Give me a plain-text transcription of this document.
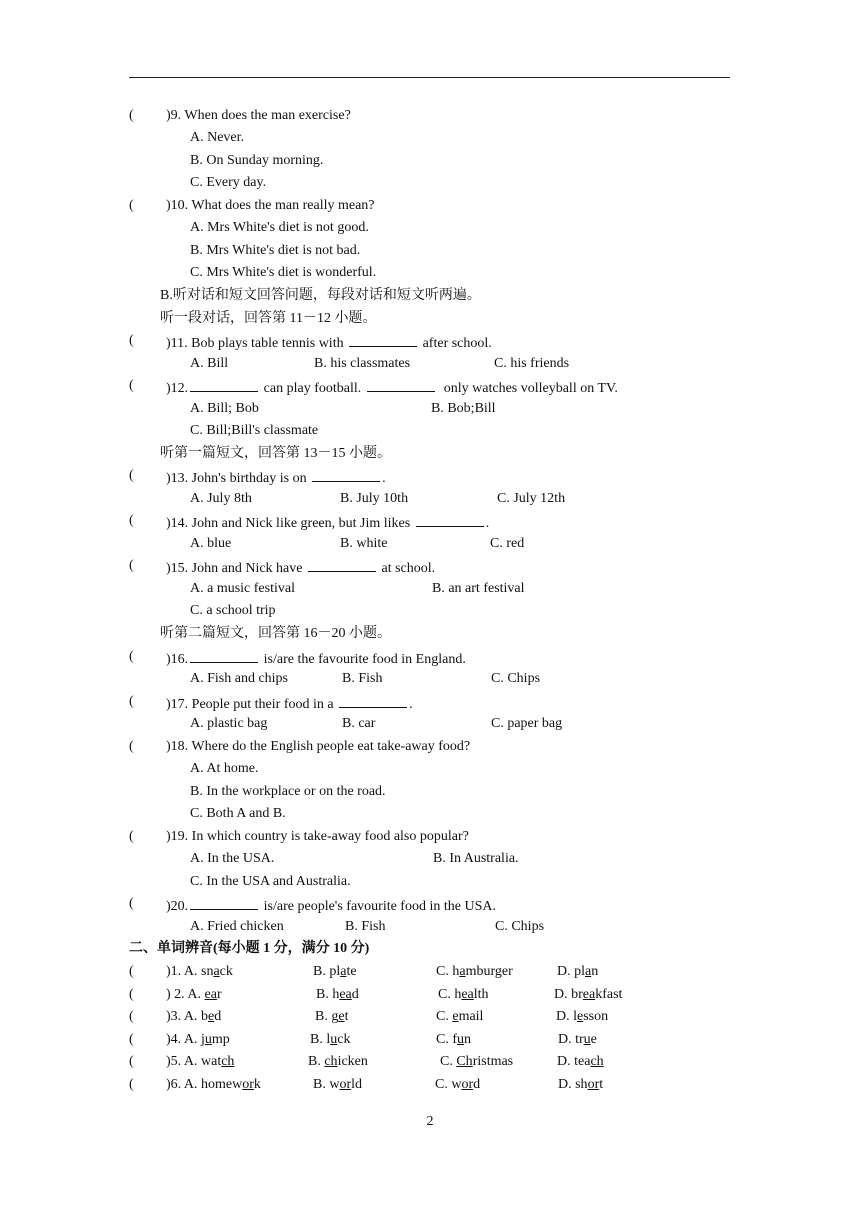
( )9. When does the man exercise?
A. Never.
B. On Sunday morning.
C. Every day.
( )10. What does the man really mean?
A. Mrs White's diet is not good.
B. Mrs White's diet is not bad.
C. Mrs White's diet is wonderful.
B.听对话和短文回答问题，每段对话和短文听两遍。
听一段对话，回答第 11－12 小题。
( )11. Bob plays table tennis with	after school.
A. Bill	B. his classmates	C. his friends
( )12.	can play football.	only watches volleyball on TV.
A. Bill; Bob	B. Bob;Bill
C. Bill;Bill's classmate
听第一篇短文，回答第 13－15 小题。
( )13. John's birthday is on	.
A. July 8th	B. July 10th	C. July 12th
( )14. John and Nick like green, but Jim likes	.
A. blue	B. white	C. red
( )15. John and Nick have	at school.
A. a music festival	B. an art festival
C. a school trip
听第二篇短文，回答第 16－20 小题。
( )16.	is/are the favourite food in England.
A. Fish and chips	B. Fish	C. Chips
( )17. People put their food in a	.
A. plastic bag	B. car	C. paper bag
( )18. Where do the English people eat take-away food?
A. At home.
B. In the workplace or on the road.
C. Both A and B.
( )19. In which country is take-away food also popular?
A. In the USA.	B. In Australia.
C. In the USA and Australia.
( )20.	is/are people's favourite food in the USA.
A. Fried chicken	B. Fish	C. Chips
二、单词辨音(每小题 1 分，满分 10 分)
( )1. A. snack	B. plate	C. hamburger	D. plan
( ) 2. A. ear	B. head	C. health	D. breakfast
( )3. A. bed	B. get	C. email	D. lesson
( )4. A. jump	B. luck	C. fun	D. true
( )5. A. watch	B. chicken	C. Christmas	D. teach
( )6. A. homework	B. world	C. word	D. short
2
